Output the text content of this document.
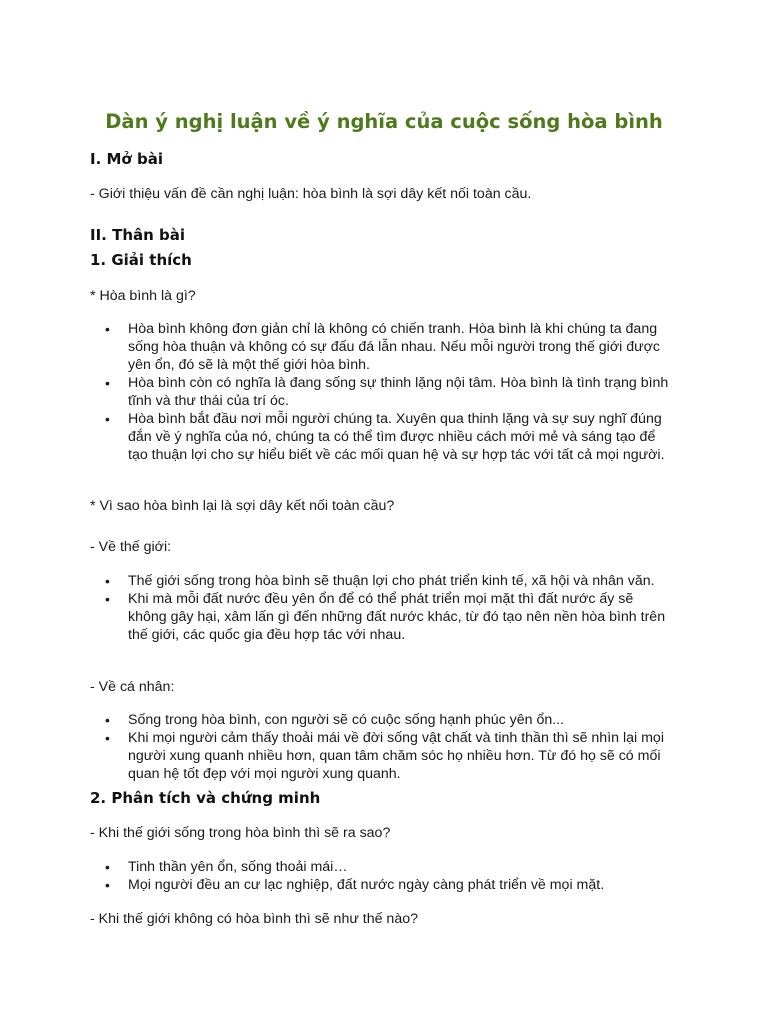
Dàn ý nghị luận về ý nghĩa của cuộc sống hòa bình
I. Mở bài

- Giới thiệu vấn đề cần nghị luận: hòa bình là sợi dây kết nối toàn cầu.

II. Thân bài
1. Giải thích

* Hòa bình là gì?

• Hòa bình không đơn giản chỉ là không có chiến tranh. Hòa bình là khi chúng ta đang sống hòa thuận và không có sự đấu đá lẫn nhau. Nếu mỗi người trong thế giới được yên ổn, đó sẽ là một thế giới hòa bình.
• Hòa bình còn có nghĩa là đang sống sự thinh lặng nội tâm. Hòa bình là tình trạng bình tĩnh và thư thái của trí óc.
• Hòa bình bắt đầu nơi mỗi người chúng ta. Xuyên qua thinh lặng và sự suy nghĩ đúng đắn về ý nghĩa của nó, chúng ta có thể tìm được nhiều cách mới mẻ và sáng tạo để tạo thuận lợi cho sự hiểu biết về các mối quan hệ và sự hợp tác với tất cả mọi người.

* Vì sao hòa bình lại là sợi dây kết nối toàn cầu?

- Về thế giới:

• Thế giới sống trong hòa bình sẽ thuận lợi cho phát triển kinh tế, xã hội và nhân văn.
• Khi mà mỗi đất nước đều yên ổn để có thể phát triển mọi mặt thì đất nước ấy sẽ không gây hại, xâm lấn gì đến những đất nước khác, từ đó tạo nên nền hòa bình trên thế giới, các quốc gia đều hợp tác với nhau.

- Về cá nhân:

• Sống trong hòa bình, con người sẽ có cuộc sống hạnh phúc yên ổn...
• Khi mọi người cảm thấy thoải mái về đời sống vật chất và tinh thần thì sẽ nhìn lại mọi người xung quanh nhiều hơn, quan tâm chăm sóc họ nhiều hơn. Từ đó họ sẽ có mối quan hệ tốt đẹp với mọi người xung quanh.
2. Phân tích và chứng minh

- Khi thế giới sống trong hòa bình thì sẽ ra sao?

• Tinh thần yên ổn, sống thoải mái…
• Mọi người đều an cư lạc nghiệp, đất nước ngày càng phát triển về mọi mặt.

- Khi thế giới không có hòa bình thì sẽ như thế nào?
